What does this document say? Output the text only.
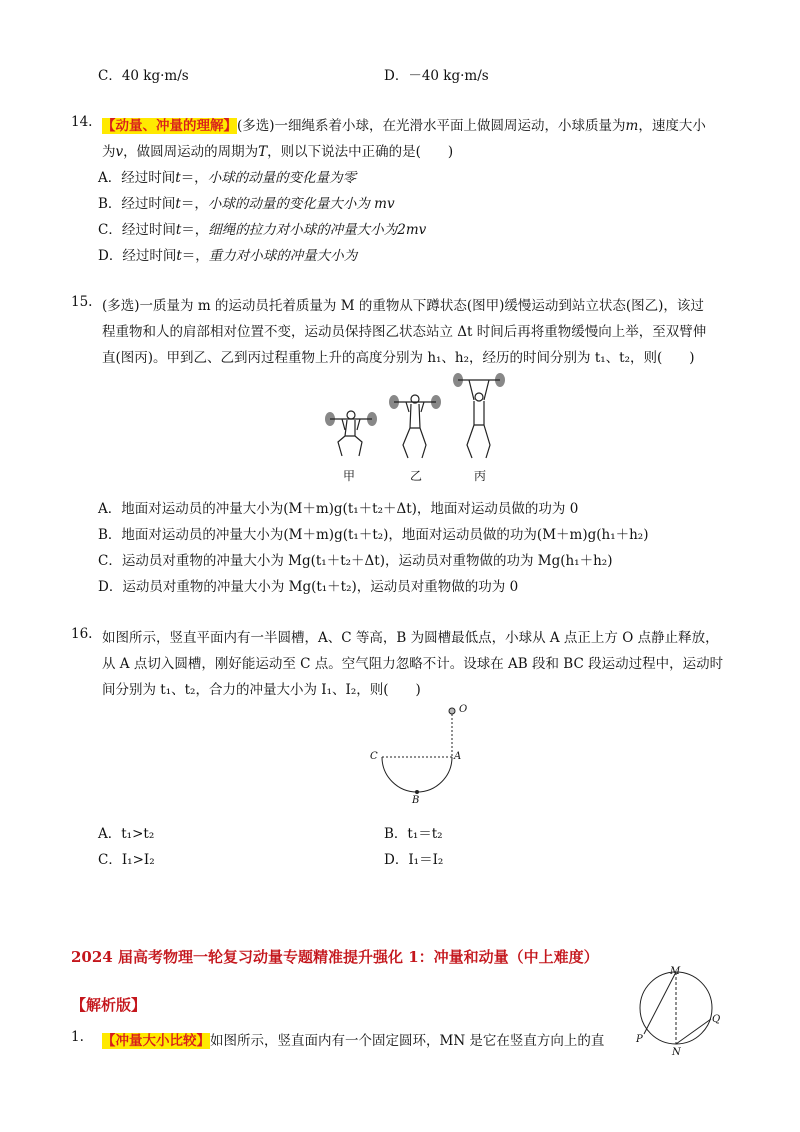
C．40 kg·m/s	D．－40 kg·m/s
14. 【动量、冲量的理解】(多选)一细绳系着小球，在光滑水平面上做圆周运动，小球质量为m，速度大小
为v，做圆周运动的周期为T，则以下说法中正确的是(　　)
A．经过时间t＝，小球的动量的变化量为零
B．经过时间t＝，小球的动量的变化量大小为 mv
C．经过时间t＝，细绳的拉力对小球的冲量大小为2mv
D．经过时间t＝，重力对小球的冲量大小为
15. (多选)一质量为 m 的运动员托着质量为 M 的重物从下蹲状态(图甲)缓慢运动到站立状态(图乙)，该过
程重物和人的肩部相对位置不变，运动员保持图乙状态站立 Δt 时间后再将重物缓慢向上举，至双臂伸
直(图丙)。甲到乙、乙到丙过程重物上升的高度分别为 h₁、h₂，经历的时间分别为 t₁、t₂，则(　　)
甲	乙	丙
A．地面对运动员的冲量大小为(M＋m)g(t₁＋t₂＋Δt)，地面对运动员做的功为 0
B．地面对运动员的冲量大小为(M＋m)g(t₁＋t₂)，地面对运动员做的功为(M＋m)g(h₁＋h₂)
C．运动员对重物的冲量大小为 Mg(t₁＋t₂＋Δt)，运动员对重物做的功为 Mg(h₁＋h₂)
D．运动员对重物的冲量大小为 Mg(t₁＋t₂)，运动员对重物做的功为 0
16. 如图所示，竖直平面内有一半圆槽，A、C 等高，B 为圆槽最低点，小球从 A 点正上方 O 点静止释放，
从 A 点切入圆槽，刚好能运动至 C 点。空气阻力忽略不计。设球在 AB 段和 BC 段运动过程中，运动时
间分别为 t₁、t₂，合力的冲量大小为 I₁、I₂，则(　　)
O
C	A
B
A．t₁>t₂	B．t₁＝t₂
C．I₁>I₂	D．I₁＝I₂
2024 届高考物理一轮复习动量专题精准提升强化 1：冲量和动量（中上难度）
【解析版】
1. 【冲量大小比较】如图所示，竖直面内有一个固定圆环，MN 是它在竖直方向上的直
M
N
P
Q
